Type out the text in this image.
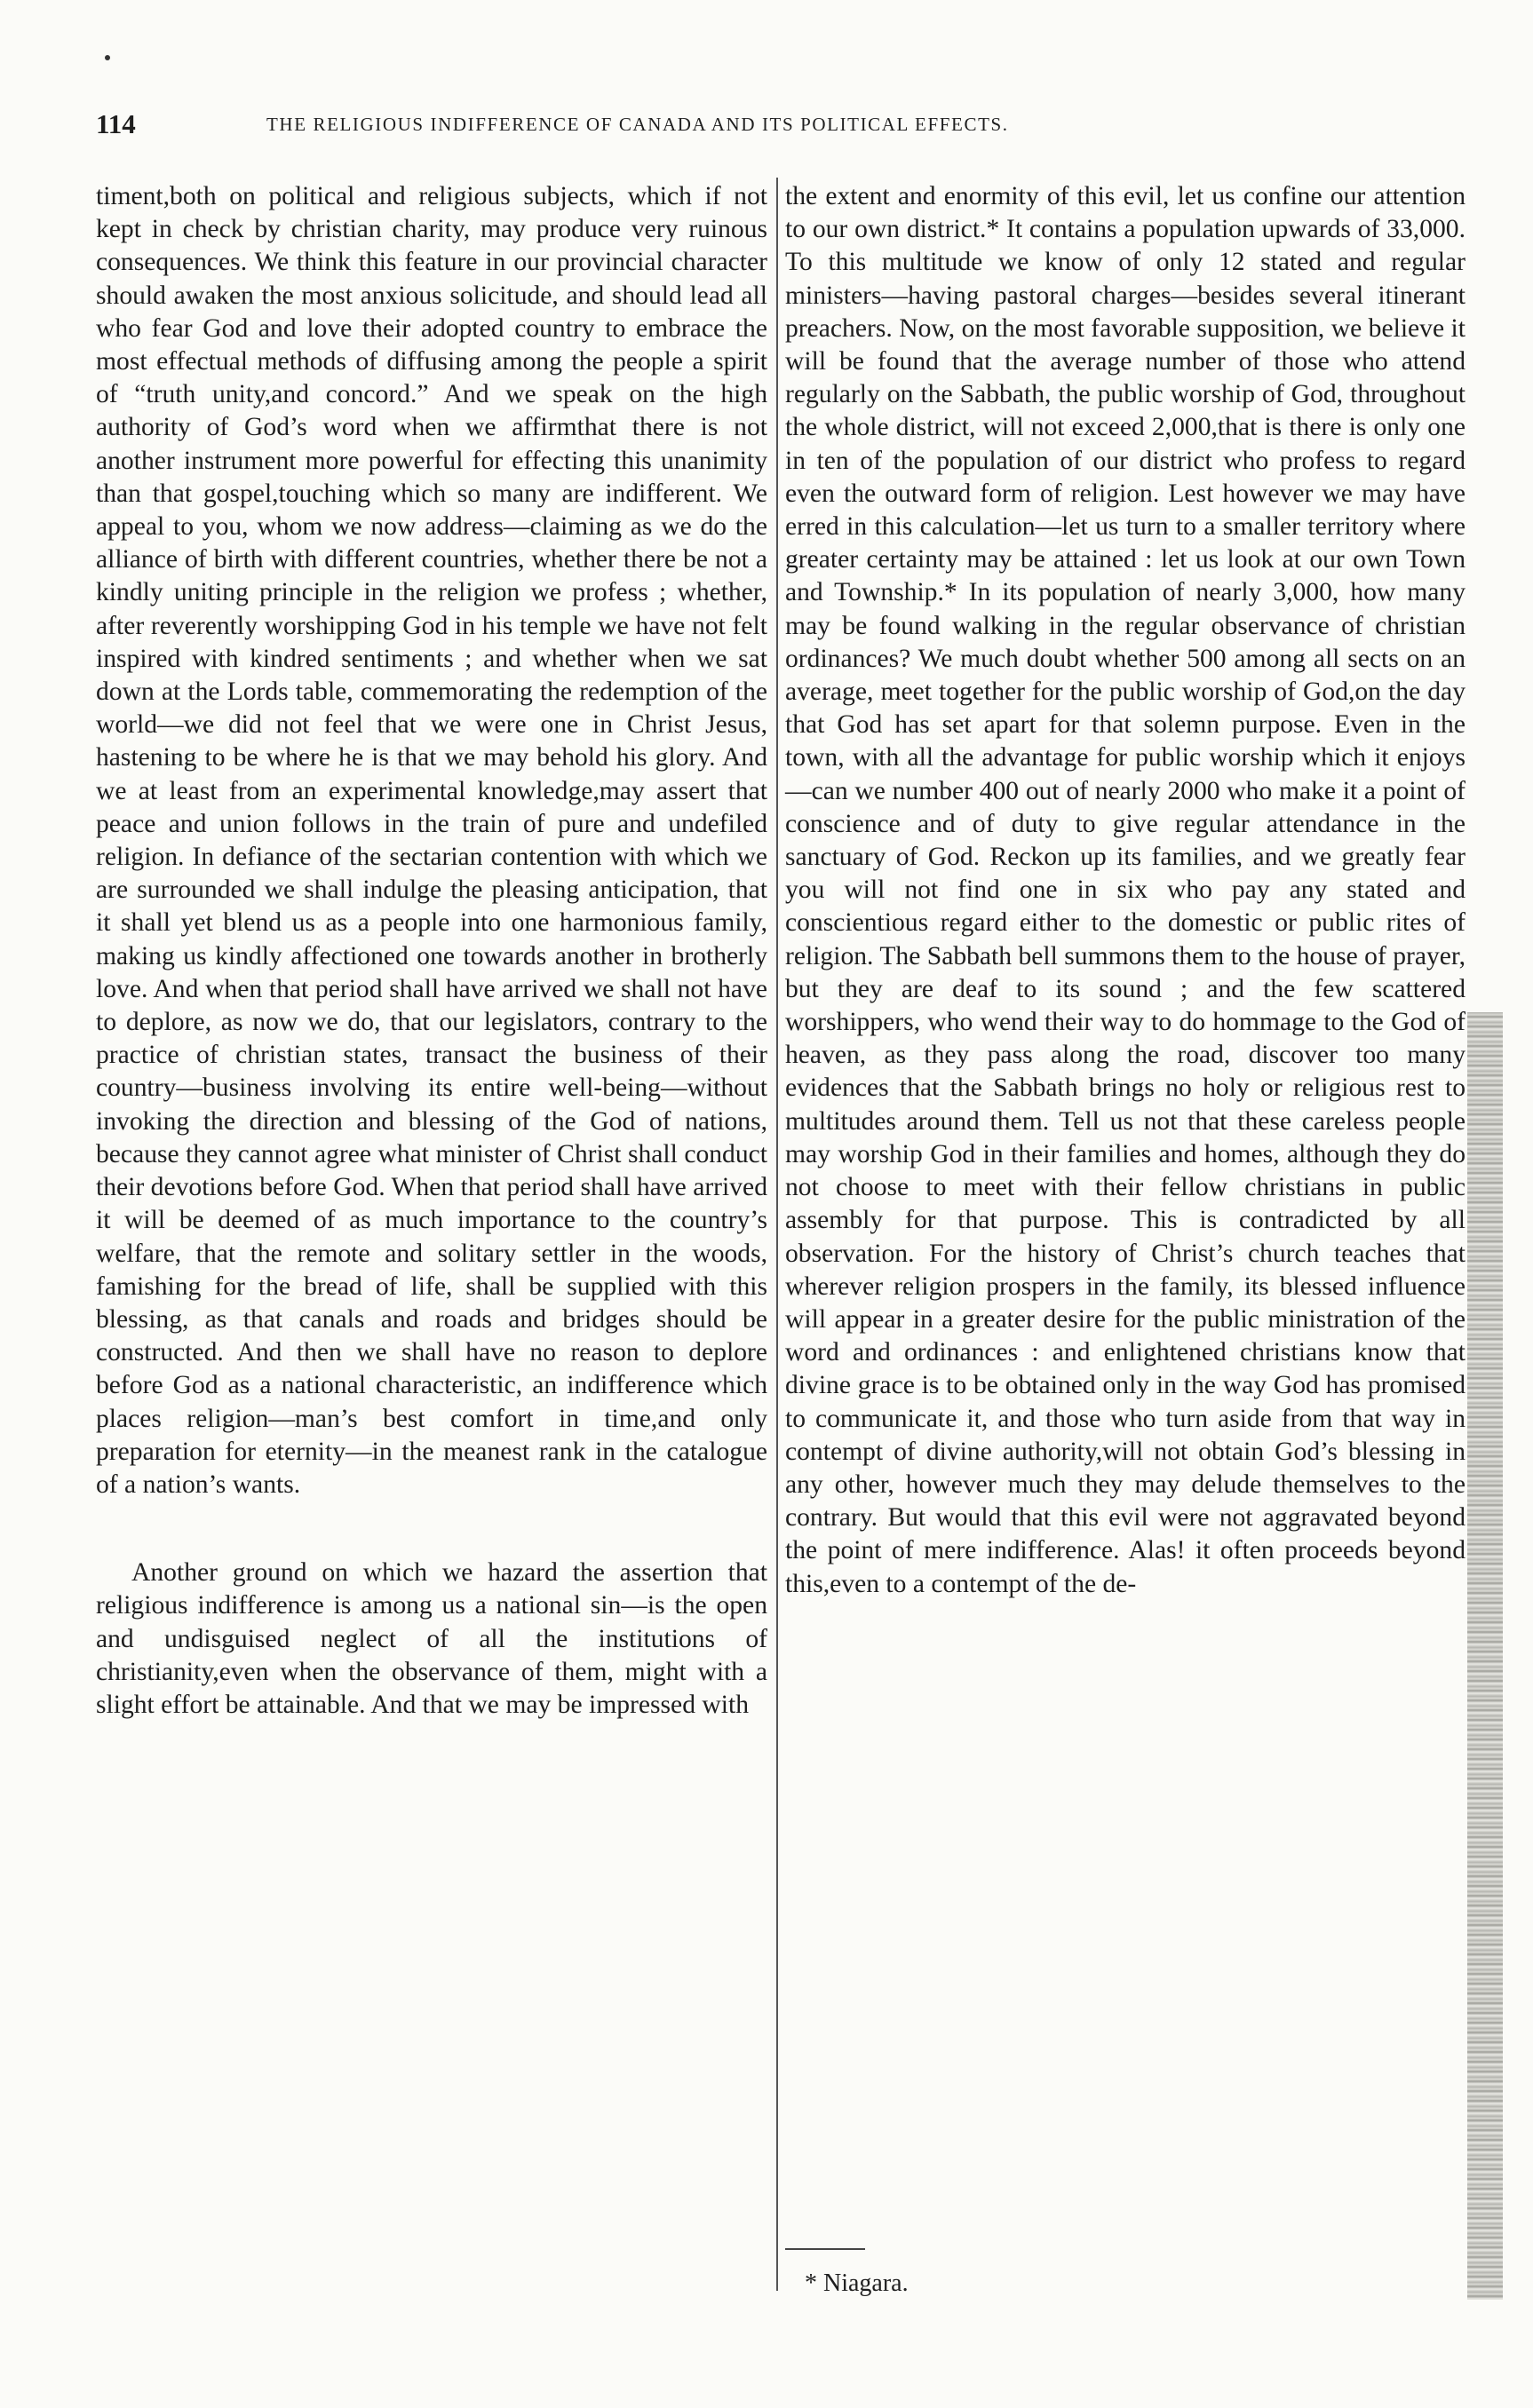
114	THE RELIGIOUS INDIFFERENCE OF CANADA AND ITS POLITICAL EFFECTS.

timent,both on political and religious subjects, which if not kept in check by christian charity, may produce very ruinous consequences. We think this feature in our provincial character should awaken the most anxious solicitude, and should lead all who fear God and love their adopted country to embrace the most effectual methods of diffusing among the people a spirit of “truth unity,and concord.” And we speak on the high authority of God’s word when we affirmthat there is not another instrument more powerful for effecting this unanimity than that gospel,touching which so many are indifferent. We appeal to you, whom we now address—claiming as we do the alliance of birth with different countries, whether there be not a kindly uniting principle in the religion we profess ; whether, after reverently worshipping God in his temple we have not felt inspired with kindred sentiments ; and whether when we sat down at the Lords table, commemorating the redemption of the world—we did not feel that we were one in Christ Jesus, hastening to be where he is that we may behold his glory. And we at least from an experimental knowledge,may assert that peace and union follows in the train of pure and undefiled religion. In defiance of the sectarian contention with which we are surrounded we shall indulge the pleasing anticipation, that it shall yet blend us as a people into one harmonious family, making us kindly affectioned one towards another in brotherly love. And when that period shall have arrived we shall not have to deplore, as now we do, that our legislators, contrary to the practice of christian states, transact the business of their country—business involving its entire well-being—without invoking the direction and blessing of the God of nations, because they cannot agree what minister of Christ shall conduct their devotions before God. When that period shall have arrived it will be deemed of as much importance to the country’s welfare, that the remote and solitary settler in the woods, famishing for the bread of life, shall be supplied with this blessing, as that canals and roads and bridges should be constructed. And then we shall have no reason to deplore before God as a national characteristic, an indifference which places religion—man’s best comfort in time,and only preparation for eternity—in the meanest rank in the catalogue of a nation’s wants.

Another ground on which we hazard the assertion that religious indifference is among us a national sin—is the open and undisguised neglect of all the institutions of christianity,even when the observance of them, might with a slight effort be attainable. And that we may be impressed with

the extent and enormity of this evil, let us confine our attention to our own district.* It contains a population upwards of 33,000. To this multitude we know of only 12 stated and regular ministers—having pastoral charges—besides several itinerant preachers. Now, on the most favorable supposition, we believe it will be found that the average number of those who attend regularly on the Sabbath, the public worship of God, throughout the whole district, will not exceed 2,000,that is there is only one in ten of the population of our district who profess to regard even the outward form of religion. Lest however we may have erred in this calculation—let us turn to a smaller territory where greater certainty may be attained : let us look at our own Town and Township.* In its population of nearly 3,000, how many may be found walking in the regular observance of christian ordinances? We much doubt whether 500 among all sects on an average, meet together for the public worship of God,on the day that God has set apart for that solemn purpose. Even in the town, with all the advantage for public worship which it enjoys—can we number 400 out of nearly 2000 who make it a point of conscience and of duty to give regular attendance in the sanctuary of God. Reckon up its families, and we greatly fear you will not find one in six who pay any stated and conscientious regard either to the domestic or public rites of religion. The Sabbath bell summons them to the house of prayer, but they are deaf to its sound ; and the few scattered worshippers, who wend their way to do hommage to the God of heaven, as they pass along the road, discover too many evidences that the Sabbath brings no holy or religious rest to multitudes around them. Tell us not that these careless people may worship God in their families and homes, although they do not choose to meet with their fellow christians in public assembly for that purpose. This is contradicted by all observation. For the history of Christ’s church teaches that wherever religion prospers in the family, its blessed influence will appear in a greater desire for the public ministration of the word and ordinances : and enlightened christians know that divine grace is to be obtained only in the way God has promised to communicate it, and those who turn aside from that way in contempt of divine authority,will not obtain God’s blessing in any other, however much they may delude themselves to the contrary. But would that this evil were not aggravated beyond the point of mere indifference. Alas! it often proceeds beyond this,even to a contempt of the de-

* Niagara.
